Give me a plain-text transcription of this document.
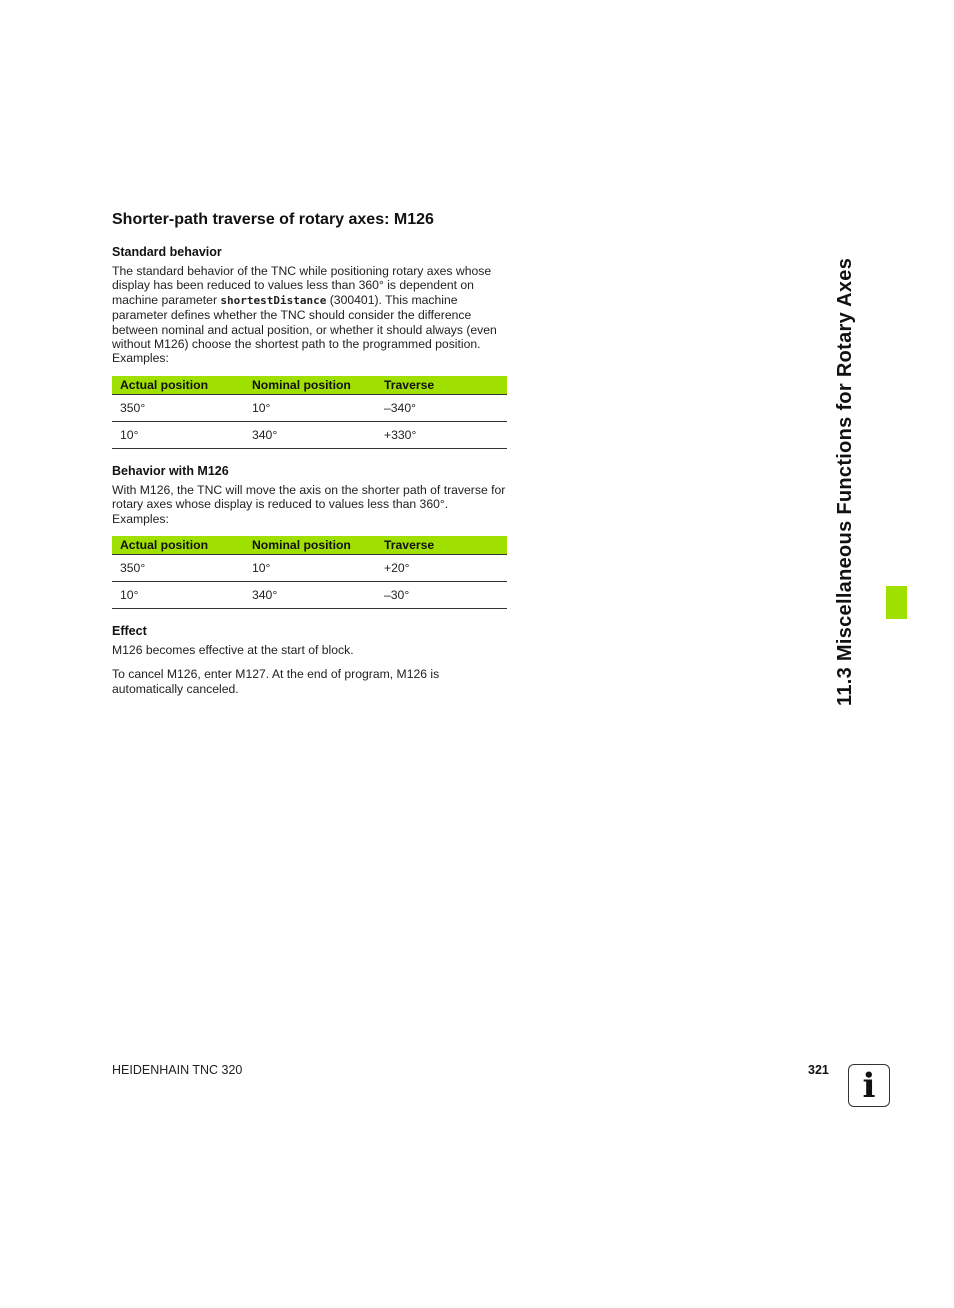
Shorter-path traverse of rotary axes: M126
Standard behavior

The standard behavior of the TNC while positioning rotary axes whose display has been reduced to values less than 360° is dependent on machine parameter shortestDistance (300401). This machine parameter defines whether the TNC should consider the difference between nominal and actual position, or whether it should always (even without M126) choose the shortest path to the programmed position. Examples:

Actual position	Nominal position	Traverse
350°	10°	–340°
10°	340°	+330°
Behavior with M126

With M126, the TNC will move the axis on the shorter path of traverse for rotary axes whose display is reduced to values less than 360°. Examples:

Actual position	Nominal position	Traverse
350°	10°	+20°
10°	340°	–30°
Effect

M126 becomes effective at the start of block.

To cancel M126, enter M127. At the end of program, M126 is automatically canceled.	11.3 Miscellaneous Functions for Rotary Axes
HEIDENHAIN TNC 320	321 i
